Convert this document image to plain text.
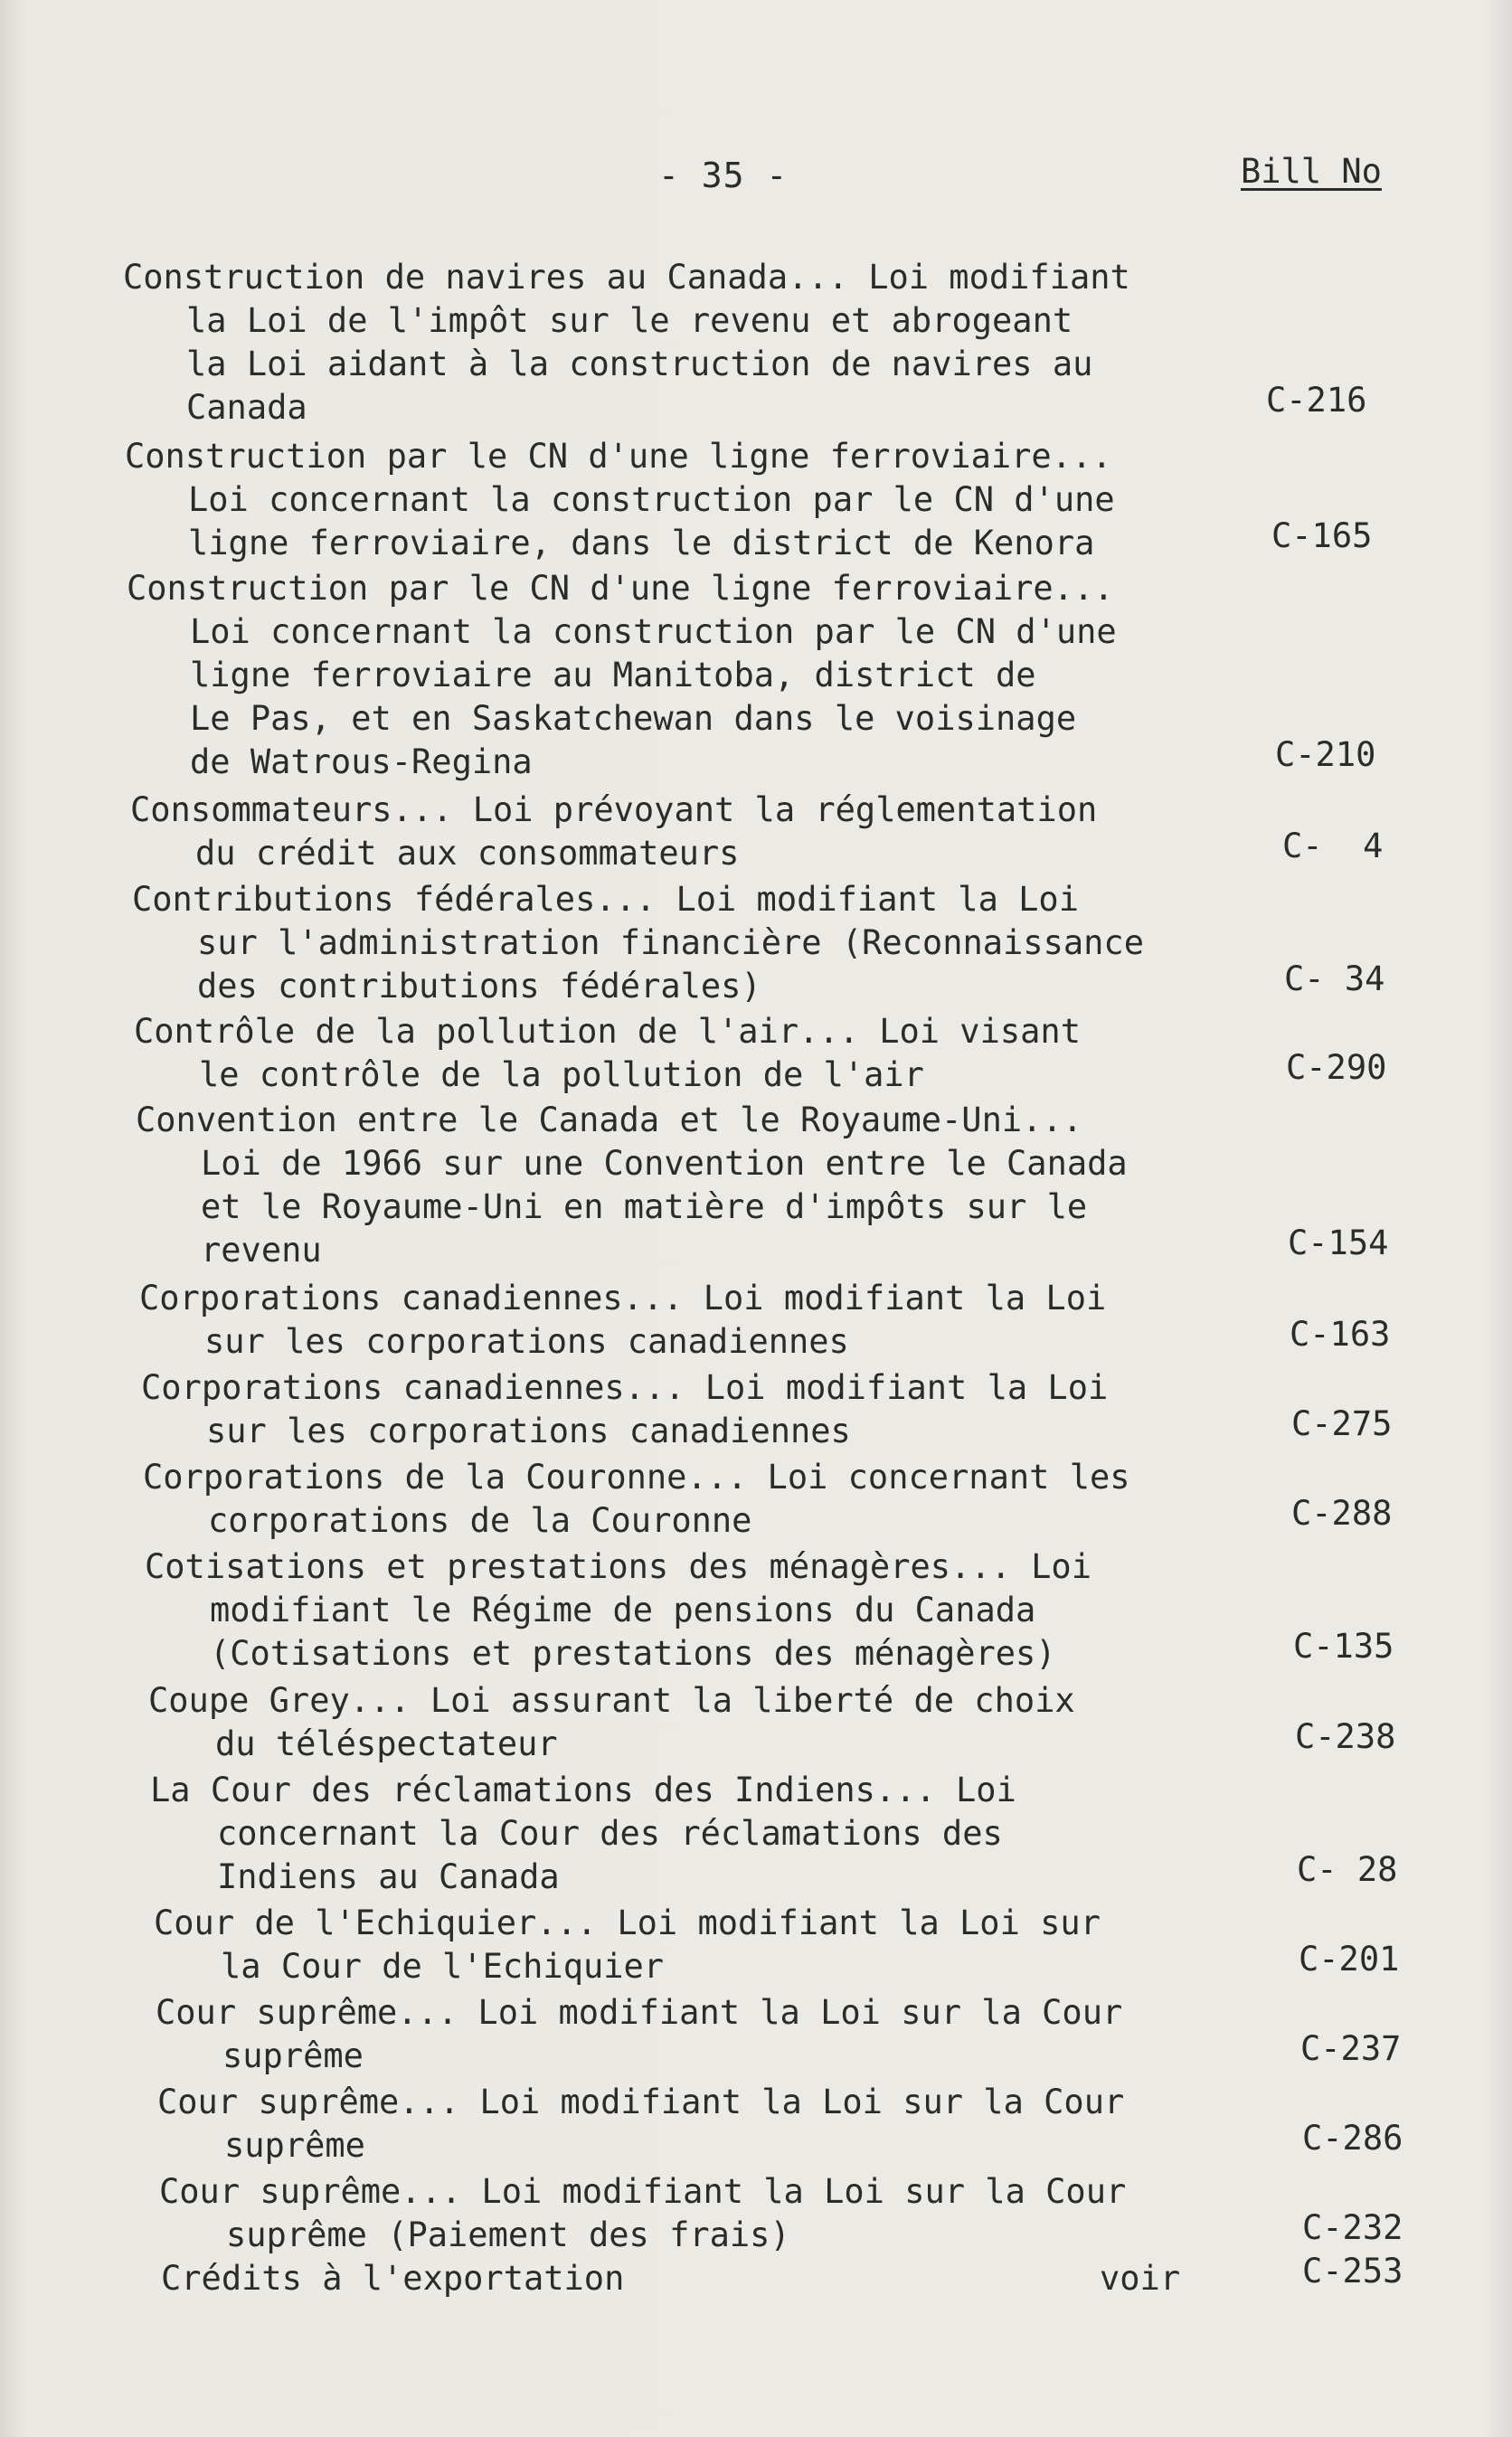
- 35 -	Bill No
Construction de navires au Canada... Loi modifiant
la Loi de l'impôt sur le revenu et abrogeant
la Loi aidant à la construction de navires au
Canada	C-216
Construction par le CN d'une ligne ferroviaire...
Loi concernant la construction par le CN d'une
ligne ferroviaire, dans le district de Kenora	C-165
Construction par le CN d'une ligne ferroviaire...
Loi concernant la construction par le CN d'une
ligne ferroviaire au Manitoba, district de
Le Pas, et en Saskatchewan dans le voisinage
de Watrous-Regina	C-210
Consommateurs... Loi prévoyant la réglementation
du crédit aux consommateurs	C-  4
Contributions fédérales... Loi modifiant la Loi
sur l'administration financière (Reconnaissance
des contributions fédérales)	C- 34
Contrôle de la pollution de l'air... Loi visant
le contrôle de la pollution de l'air	C-290
Convention entre le Canada et le Royaume-Uni...
Loi de 1966 sur une Convention entre le Canada
et le Royaume-Uni en matière d'impôts sur le
revenu	C-154
Corporations canadiennes... Loi modifiant la Loi
sur les corporations canadiennes	C-163
Corporations canadiennes... Loi modifiant la Loi
sur les corporations canadiennes	C-275
Corporations de la Couronne... Loi concernant les
corporations de la Couronne	C-288
Cotisations et prestations des ménagères... Loi
modifiant le Régime de pensions du Canada
(Cotisations et prestations des ménagères)	C-135
Coupe Grey... Loi assurant la liberté de choix
du téléspectateur	C-238
La Cour des réclamations des Indiens... Loi
concernant la Cour des réclamations des
Indiens au Canada	C- 28
Cour de l'Echiquier... Loi modifiant la Loi sur
la Cour de l'Echiquier	C-201
Cour suprême... Loi modifiant la Loi sur la Cour
suprême	C-237
Cour suprême... Loi modifiant la Loi sur la Cour
suprême	C-286
Cour suprême... Loi modifiant la Loi sur la Cour
suprême (Paiement des frais)	C-232
Crédits à l'exportation	voir	C-253
